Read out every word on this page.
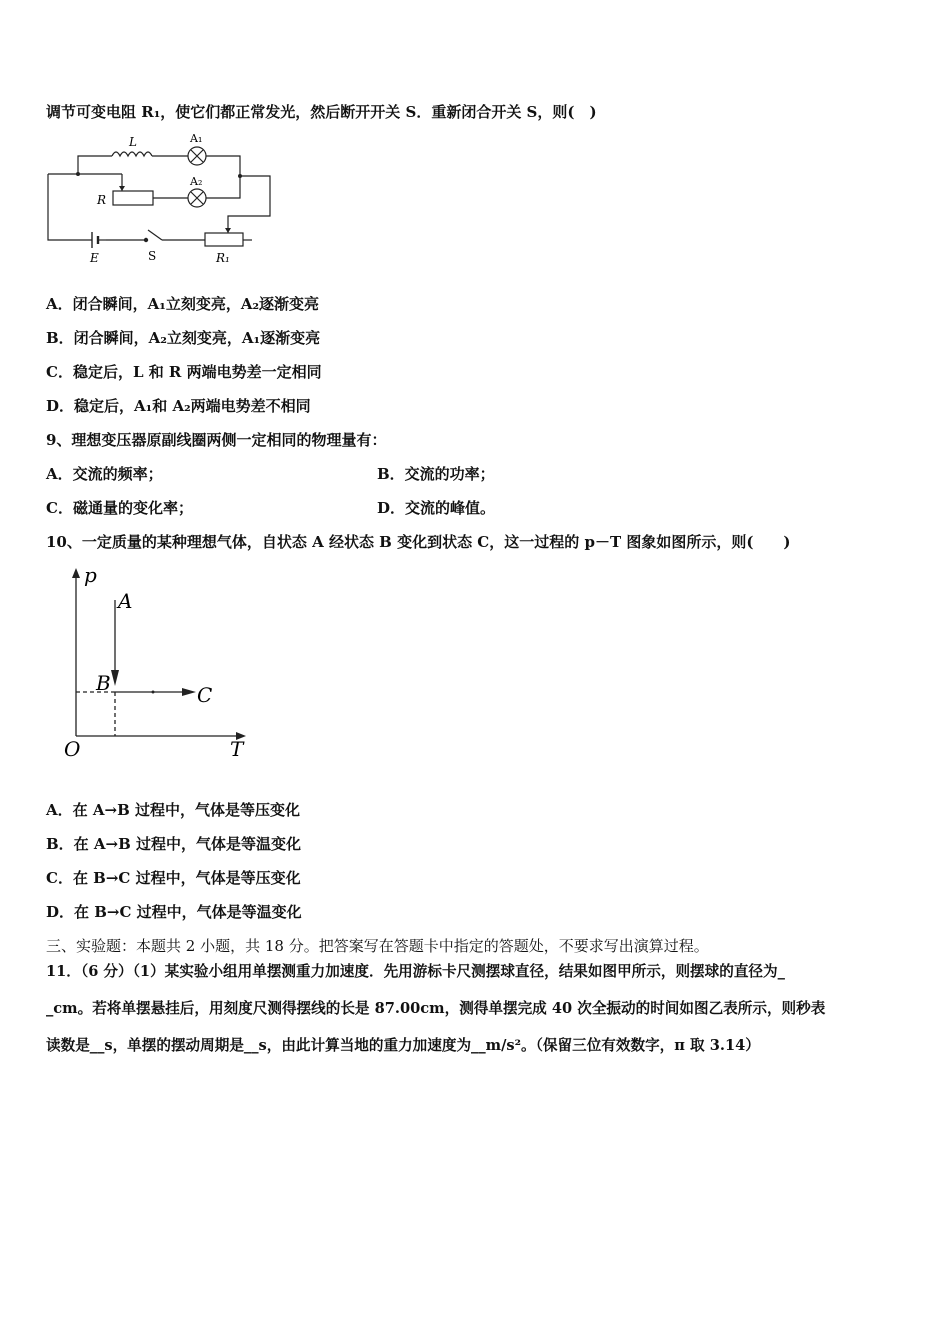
调节可变电阻 R₁，使它们都正常发光，然后断开开关 S．重新闭合开关 S，则(　)
L	A₁
A₂
R
E	S	R₁
A．闭合瞬间，A₁立刻变亮，A₂逐渐变亮
B．闭合瞬间，A₂立刻变亮，A₁逐渐变亮
C．稳定后，L 和 R 两端电势差一定相同
D．稳定后，A₁和 A₂两端电势差不相同
9、理想变压器原副线圈两侧一定相同的物理量有：
A．交流的频率；	B．交流的功率；
C．磁通量的变化率；	D．交流的峰值。
10、一定质量的某种理想气体，自状态 A 经状态 B 变化到状态 C，这一过程的 p－T 图象如图所示，则(　　)
p
T
O
A
B	C
A．在 A→B 过程中，气体是等压变化
B．在 A→B 过程中，气体是等温变化
C．在 B→C 过程中，气体是等压变化
D．在 B→C 过程中，气体是等温变化
三、实验题：本题共 2 小题，共 18 分。把答案写在答题卡中指定的答题处，不要求写出演算过程。
11．（6 分）（1）某实验小组用单摆测重力加速度．先用游标卡尺测摆球直径，结果如图甲所示，则摆球的直径为_
_cm。若将单摆悬挂后，用刻度尺测得摆线的长是 87.00cm，测得单摆完成 40 次全振动的时间如图乙表所示，则秒表
读数是__s，单摆的摆动周期是__s，由此计算当地的重力加速度为__m/s²。（保留三位有效数字，π 取 3.14）
